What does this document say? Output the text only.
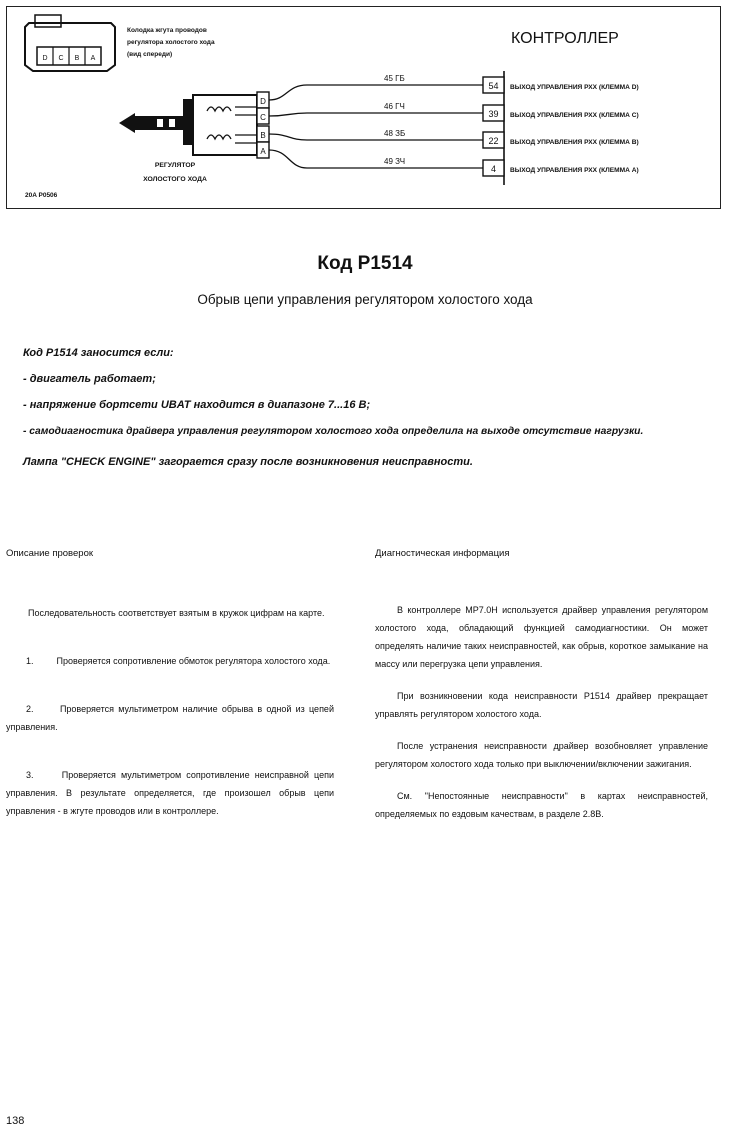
D C B A
Колодка жгута проводов
регулятора холостого хода
(вид спереди)
КОНТРОЛЛЕР
D
C
B
A
45 ГБ
46 ГЧ
48 ЗБ
49 ЗЧ
54
39
22
4
ВЫХОД УПРАВЛЕНИЯ РХХ (КЛЕММА D)
ВЫХОД УПРАВЛЕНИЯ РХХ (КЛЕММА C)
ВЫХОД УПРАВЛЕНИЯ РХХ (КЛЕММА B)
ВЫХОД УПРАВЛЕНИЯ РХХ (КЛЕММА A)
РЕГУЛЯТОР
ХОЛОСТОГО ХОДА
20A P0506
Код Р1514
Обрыв цепи управления регулятором холостого хода
Код Р1514 заносится если:
- двигатель работает;
- напряжение бортсети UBAT находится в диапазоне 7...16 В;
- самодиагностика драйвера управления регулятором холостого хода определила на выходе отсутствие нагрузки.
Лампа "CHECK ENGINE" загорается сразу после возникновения неисправности.
Описание проверок

Последовательность соответствует взятым в кружок цифрам на карте.

1.	Проверяется сопротивление обмоток регулятора холостого хода.

2.	Проверяется мультиметром наличие обрыва в одной из цепей управления.

3.	Проверяется мультиметром сопротивление неисправной цепи управления. В результате определяется, где произошел обрыв цепи управления - в жгуте проводов или в контроллере.

Диагностическая информация

В контроллере МР7.0Н используется драйвер управления регулятором холостого хода, обладающий функцией самодиагностики. Он может определять наличие таких неисправностей, как обрыв, короткое замыкание на массу или перегрузка цепи управления.

При возникновении кода неисправности Р1514 драйвер прекращает управлять регулятором холостого хода.

После устранения неисправности драйвер возобновляет управление регулятором холостого хода только при выключении/включении зажигания.

См. "Непостоянные неисправности" в картах неисправностей, определяемых по ездовым качествам, в разделе 2.8В.

138
